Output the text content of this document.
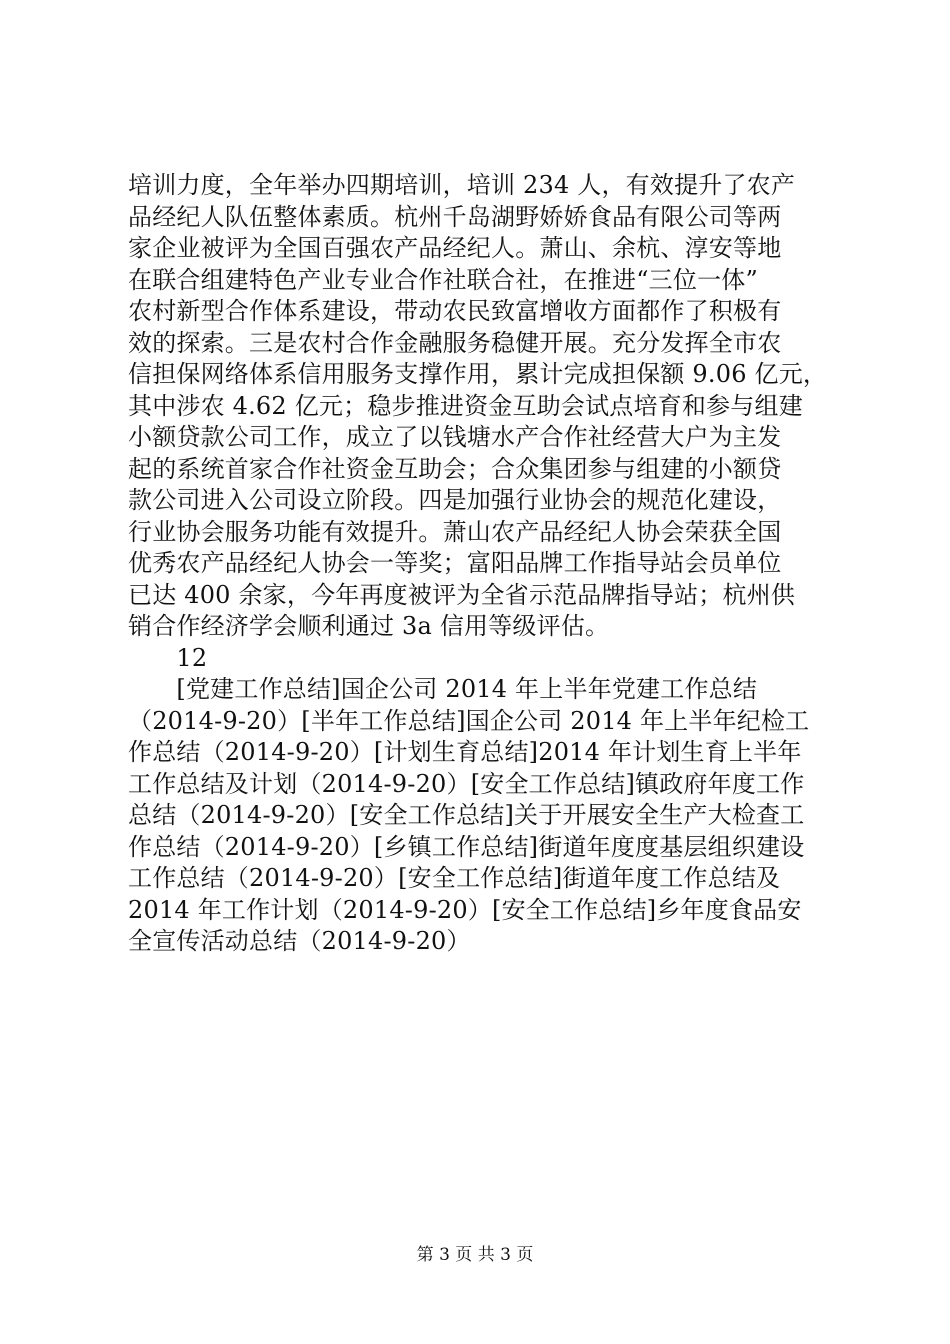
培训力度，全年举办四期培训，培训 234 人，有效提升了农产
品经纪人队伍整体素质。杭州千岛湖野娇娇食品有限公司等两
家企业被评为全国百强农产品经纪人。萧山、余杭、淳安等地
在联合组建特色产业专业合作社联合社，在推进“三位一体”
农村新型合作体系建设，带动农民致富增收方面都作了积极有
效的探索。三是农村合作金融服务稳健开展。充分发挥全市农
信担保网络体系信用服务支撑作用，累计完成担保额 9.06 亿元，
其中涉农 4.62 亿元；稳步推进资金互助会试点培育和参与组建
小额贷款公司工作，成立了以钱塘水产合作社经营大户为主发
起的系统首家合作社资金互助会；合众集团参与组建的小额贷
款公司进入公司设立阶段。四是加强行业协会的规范化建设，
行业协会服务功能有效提升。萧山农产品经纪人协会荣获全国
优秀农产品经纪人协会一等奖；富阳品牌工作指导站会员单位
已达 400 余家，今年再度被评为全省示范品牌指导站；杭州供
销合作经济学会顺利通过 3a 信用等级评估。
　　12
　　[党建工作总结]国企公司 2014 年上半年党建工作总结
（2014-9-20）[半年工作总结]国企公司 2014 年上半年纪检工
作总结（2014-9-20）[计划生育总结]2014 年计划生育上半年
工作总结及计划（2014-9-20）[安全工作总结]镇政府年度工作
总结（2014-9-20）[安全工作总结]关于开展安全生产大检查工
作总结（2014-9-20）[乡镇工作总结]街道年度度基层组织建设
工作总结（2014-9-20）[安全工作总结]街道年度工作总结及
2014 年工作计划（2014-9-20）[安全工作总结]乡年度食品安
全宣传活动总结（2014-9-20）
第 3 页 共 3 页
